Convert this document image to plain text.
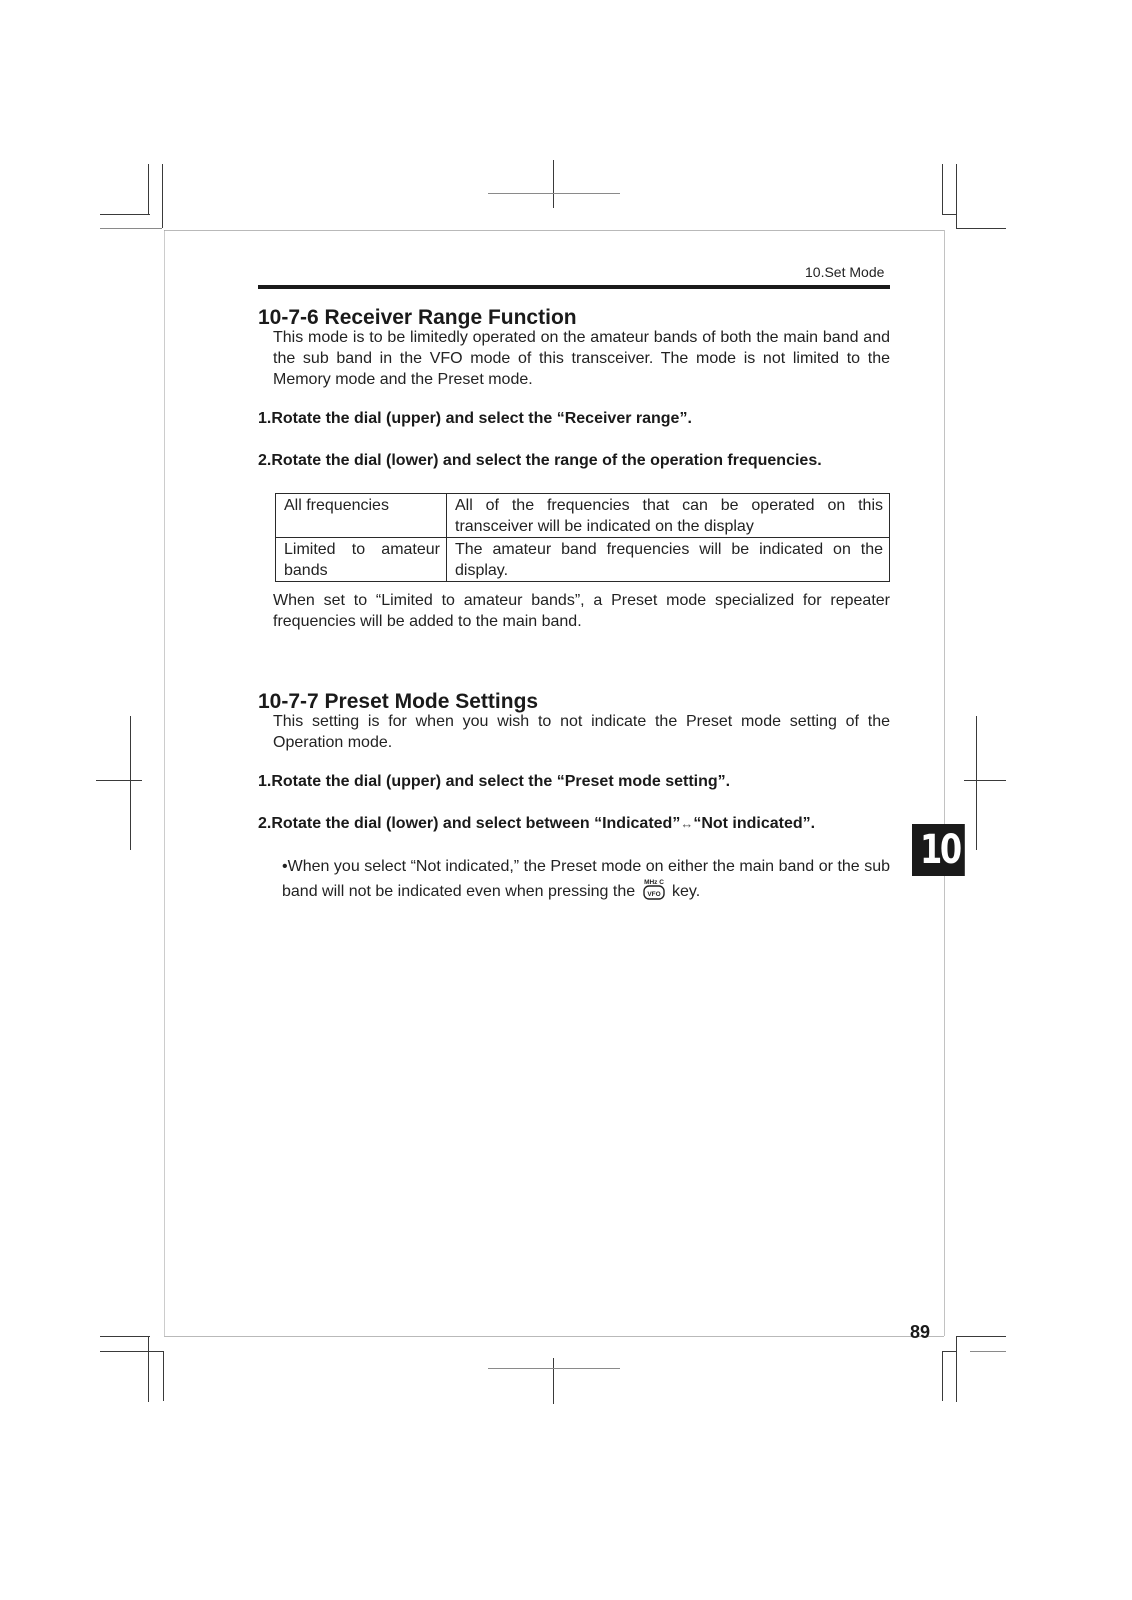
10.Set Mode
10-7-6 Receiver Range Function
This mode is to be limitedly operated on the amateur bands of both the main band and the sub band in the VFO mode of this transceiver. The mode is not limited to the Memory mode and the Preset mode.
1.Rotate the dial (upper) and select the “Receiver range”.
2.Rotate the dial (lower) and select the range of the operation frequencies.
All frequencies	All of the frequencies that can be operated on this transceiver will be indicated on the display
Limited to amateur bands	The amateur band frequencies will be indicated on the display.
When set to “Limited to amateur bands”, a Preset mode specialized for repeater frequencies will be added to the main band.
10-7-7 Preset Mode Settings
This setting is for when you wish to not indicate the Preset mode setting of the Operation mode.
1.Rotate the dial (upper) and select the “Preset mode setting”.
2.Rotate the dial (lower) and select between “Indicated”↔“Not indicated”.
•When you select “Not indicated,” the Preset mode on either the main band or the sub band will not be indicated even when pressing the
MHz C
VFO key.
10
89
